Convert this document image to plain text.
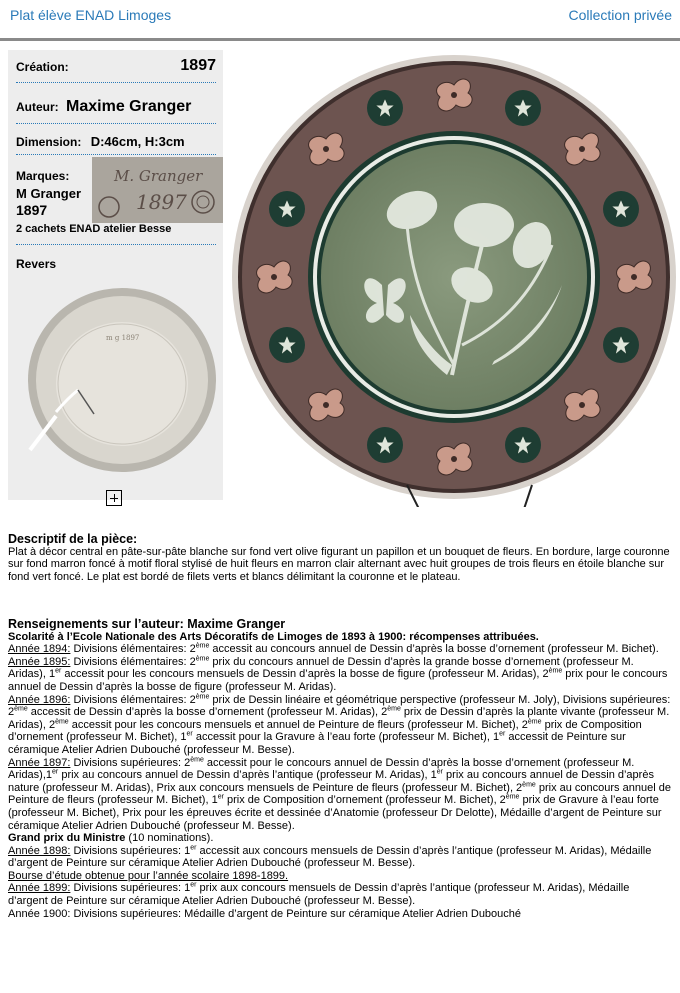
Plat élève ENAD Limoges	Collection privée
Création:	1897
Auteur: Maxime Granger
Dimension: D:46cm, H:3cm
Marques:
M Granger
1897
M. Granger
1897
2 cachets ENAD atelier Besse
Revers
m g 1897

Descriptif de la pièce:

Plat à décor central en pâte-sur-pâte blanche sur fond vert olive figurant un papillon et un bouquet de fleurs. En bordure, large couronne sur fond marron foncé à motif floral stylisé de huit fleurs en marron clair alternant avec huit groupes de trois fleurs en étoile blanche sur fond vert foncé. Le plat est bordé de filets verts et blancs délimitant la couronne et le plateau.

Renseignements sur l’auteur: Maxime Granger

Scolarité à l’Ecole Nationale des Arts Décoratifs de Limoges de 1893 à 1900: récompenses attribuées.

Année 1894: Divisions élémentaires: 2ème accessit au concours annuel de Dessin d’après la bosse d’ornement (professeur M. Bichet).

Année 1895: Divisions élémentaires: 2ème prix du concours annuel de Dessin d’après la grande bosse d’ornement (professeur M. Aridas), 1er accessit pour les concours mensuels de Dessin d’après la bosse de figure (professeur M. Aridas), 2ème prix pour le concours annuel de Dessin d’après la bosse de figure (professeur M. Aridas).

Année 1896: Divisions élémentaires: 2ème prix de Dessin linéaire et géométrique perspective (professeur M. Joly), Divisions supérieures: 2ème accessit de Dessin d’après la bosse d’ornement (professeur M. Aridas), 2ème prix de Dessin d’après la plante vivante (professeur M. Aridas), 2ème accessit pour les concours mensuels et annuel de Peinture de fleurs (professeur M. Bichet), 2ème prix de Composition d’ornement (professeur M. Bichet), 1er accessit pour la Gravure à l’eau forte (professeur M. Bichet), 1er accessit de Peinture sur céramique Atelier Adrien Dubouché (professeur M. Besse).

Année 1897: Divisions supérieures: 2ème accessit pour le concours annuel de Dessin d’après la bosse d’ornement (professeur M. Aridas),1er prix au concours annuel de Dessin d’après l’antique (professeur M. Aridas), 1er prix au concours annuel de Dessin d’après nature (professeur M. Aridas), Prix aux concours mensuels de Peinture de fleurs (professeur M. Bichet), 2ème prix au concours annuel de Peinture de fleurs (professeur M. Bichet), 1er prix de Composition d’ornement (professeur M. Bichet), 2ème prix de Gravure à l’eau forte (professeur M. Bichet), Prix pour les épreuves écrite et dessinée d’Anatomie (professeur Dr Delotte), Médaille d’argent de Peinture sur céramique Atelier Adrien Dubouché (professeur M. Besse).

Grand prix du Ministre (10 nominations).

Année 1898: Divisions supérieures: 1er accessit aux concours mensuels de Dessin d’après l’antique (professeur M. Aridas), Médaille d’argent de Peinture sur céramique Atelier Adrien Dubouché (professeur M. Besse).

Bourse d’étude obtenue pour l’année scolaire 1898-1899.

Année 1899: Divisions supérieures: 1er prix aux concours mensuels de Dessin d’après l’antique (professeur M. Aridas), Médaille d’argent de Peinture sur céramique Atelier Adrien Dubouché (professeur M. Besse).

Année 1900: Divisions supérieures: Médaille d’argent de Peinture sur céramique Atelier Adrien Dubouché
